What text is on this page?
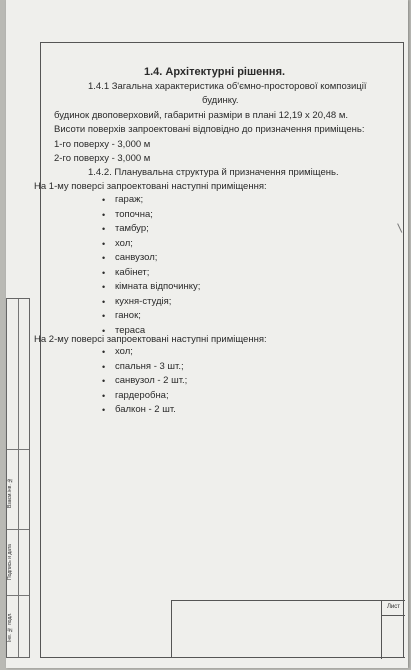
Лист
Взаєм.інв. №
Подпись и дата
Інв. № подл.
1.4. Архітектурні рішення.
1.4.1 Загальна характеристика об'ємно-просторової композиції
будинку.
будинок двоповерховий, габаритні разміри в плані 12,19 х 20,48 м.
Висоти поверхів запроектовані відповідно до призначення приміщень:
1-го поверху - 3,000 м
2-го поверху - 3,000 м
1.4.2. Планувальна структура й призначення приміщень.
На 1-му поверсі запроектовані наступні приміщення:
• гараж;
• топочна;
• тамбур;
• хол;
• санвузол;
• кабінет;
• кімната відпочинку;
• кухня-студія;
• ганок;
• тераса
На 2-му поверсі запроектовані наступні приміщення:
• хол;
• спальня - 3 шт.;
• санвузол - 2 шт.;
• гардеробна;
• балкон - 2 шт.
